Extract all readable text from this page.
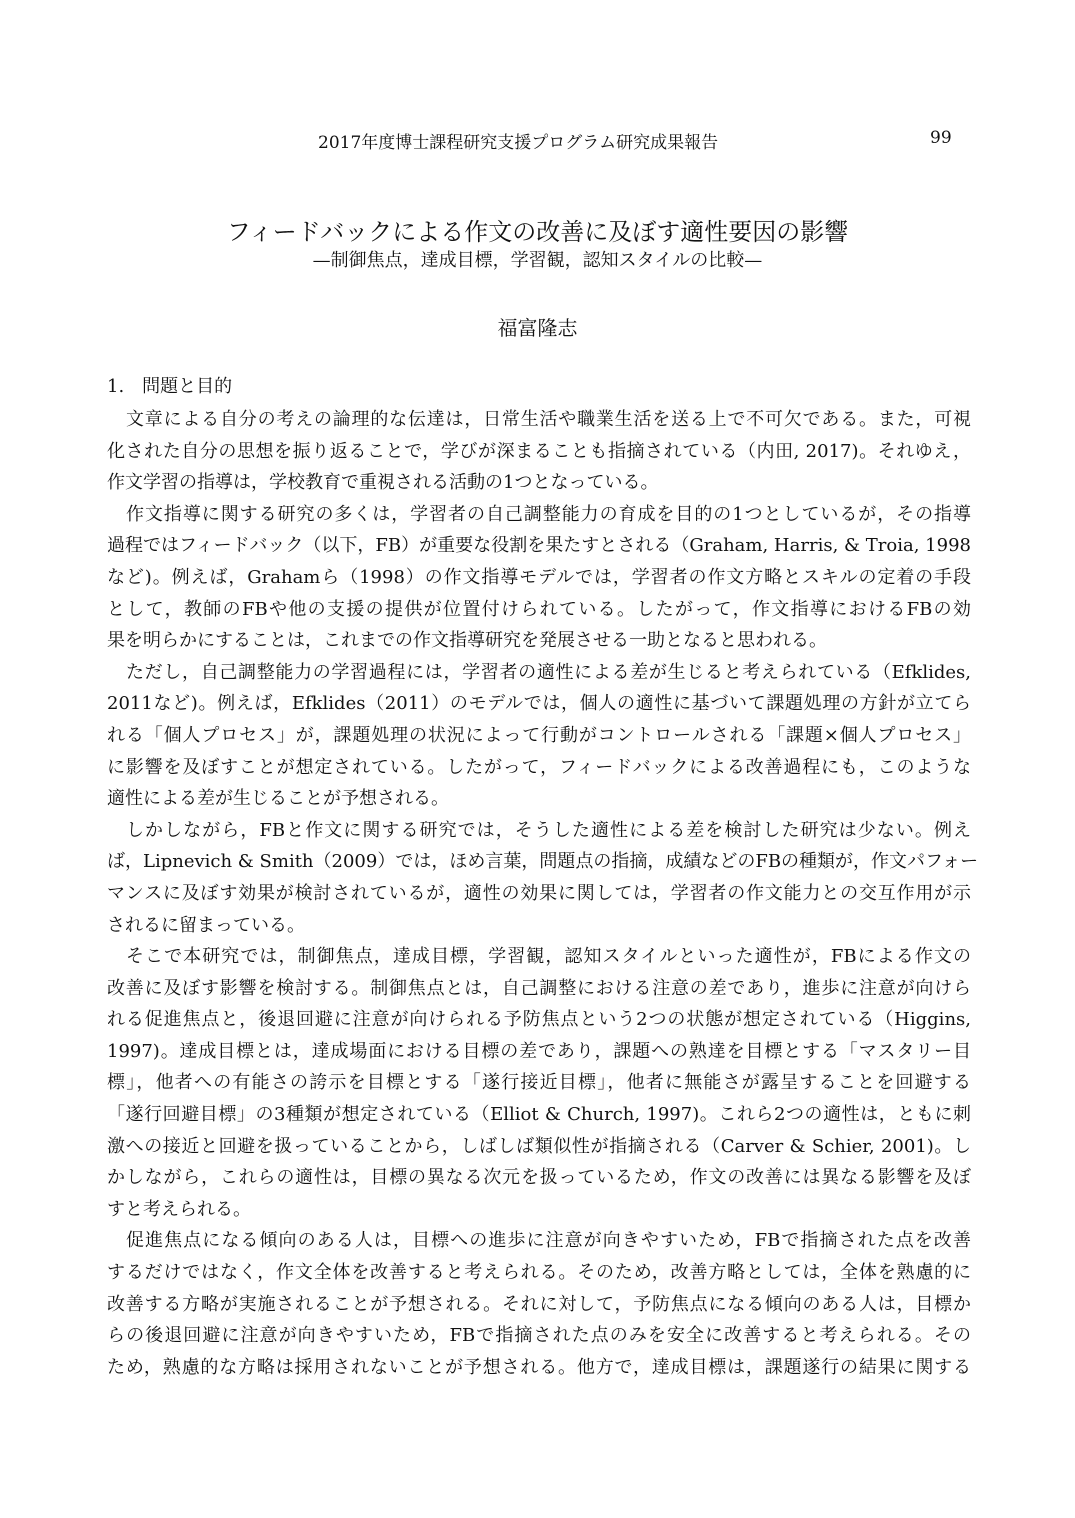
2017年度博士課程研究支援プログラム研究成果報告	99
フィードバックによる作文の改善に及ぼす適性要因の影響
—制御焦点，達成目標，学習観，認知スタイルの比較—
福富隆志
1.　問題と目的
文章による自分の考えの論理的な伝達は，日常生活や職業生活を送る上で不可欠である。また，可視
化された自分の思想を振り返ることで，学びが深まることも指摘されている（内田, 2017)。それゆえ，
作文学習の指導は，学校教育で重視される活動の1つとなっている。
作文指導に関する研究の多くは，学習者の自己調整能力の育成を目的の1つとしているが，その指導
過程ではフィードバック（以下，FB）が重要な役割を果たすとされる（Graham, Harris, & Troia, 1998
など)。例えば，Grahamら（1998）の作文指導モデルでは，学習者の作文方略とスキルの定着の手段
として，教師のFBや他の支援の提供が位置付けられている。したがって，作文指導におけるFBの効
果を明らかにすることは，これまでの作文指導研究を発展させる一助となると思われる。
ただし，自己調整能力の学習過程には，学習者の適性による差が生じると考えられている（Efklides,
2011など)。例えば，Efklides（2011）のモデルでは，個人の適性に基づいて課題処理の方針が立てら
れる「個人プロセス」が，課題処理の状況によって行動がコントロールされる「課題×個人プロセス」
に影響を及ぼすことが想定されている。したがって，フィードバックによる改善過程にも，このような
適性による差が生じることが予想される。
しかしながら，FBと作文に関する研究では，そうした適性による差を検討した研究は少ない。例え
ば，Lipnevich & Smith（2009）では，ほめ言葉，問題点の指摘，成績などのFBの種類が，作文パフォー
マンスに及ぼす効果が検討されているが，適性の効果に関しては，学習者の作文能力との交互作用が示
されるに留まっている。
そこで本研究では，制御焦点，達成目標，学習観，認知スタイルといった適性が，FBによる作文の
改善に及ぼす影響を検討する。制御焦点とは，自己調整における注意の差であり，進歩に注意が向けら
れる促進焦点と，後退回避に注意が向けられる予防焦点という2つの状態が想定されている（Higgins,
1997)。達成目標とは，達成場面における目標の差であり，課題への熟達を目標とする「マスタリー目
標」，他者への有能さの誇示を目標とする「遂行接近目標」，他者に無能さが露呈することを回避する
「遂行回避目標」の3種類が想定されている（Elliot & Church, 1997)。これら2つの適性は，ともに刺
激への接近と回避を扱っていることから，しばしば類似性が指摘される（Carver & Schier, 2001)。し
かしながら，これらの適性は，目標の異なる次元を扱っているため，作文の改善には異なる影響を及ぼ
すと考えられる。
促進焦点になる傾向のある人は，目標への進歩に注意が向きやすいため，FBで指摘された点を改善
するだけではなく，作文全体を改善すると考えられる。そのため，改善方略としては，全体を熟慮的に
改善する方略が実施されることが予想される。それに対して，予防焦点になる傾向のある人は，目標か
らの後退回避に注意が向きやすいため，FBで指摘された点のみを安全に改善すると考えられる。その
ため，熟慮的な方略は採用されないことが予想される。他方で，達成目標は，課題遂行の結果に関する
